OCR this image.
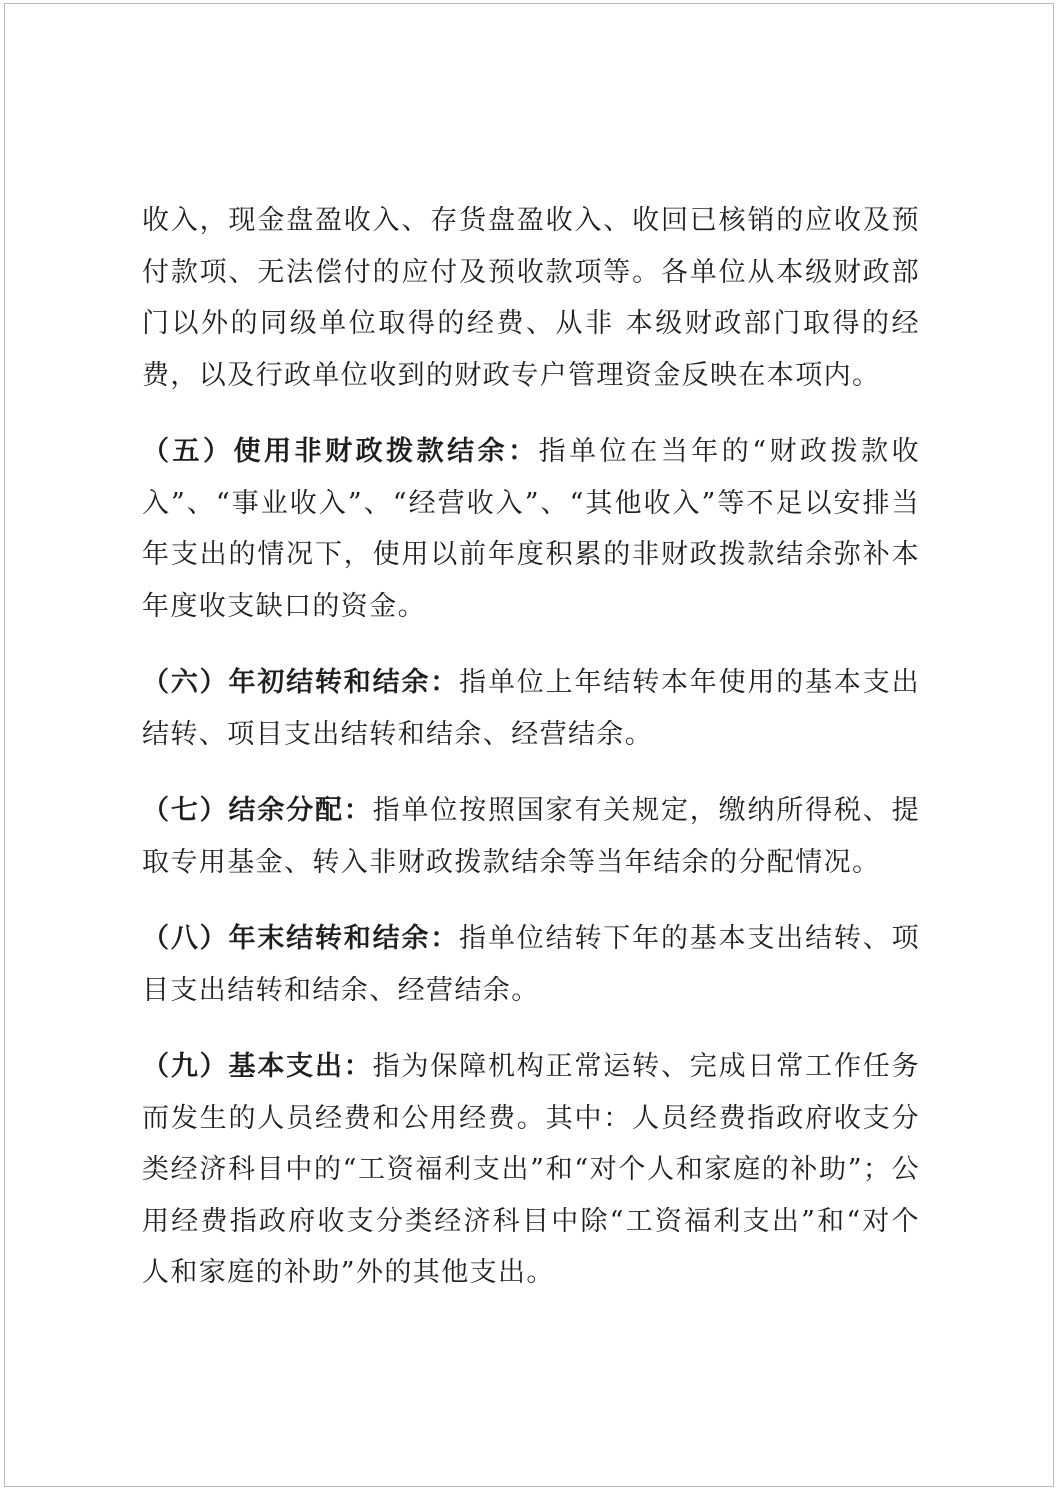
收入，现金盘盈收入、存货盘盈收入、收回已核销的应收及预付款项、无法偿付的应付及预收款项等。各单位从本级财政部门以外的同级单位取得的经费、从非 本级财政部门取得的经费，以及行政单位收到的财政专户管理资金反映在本项内。

（五）使用非财政拨款结余：指单位在当年的“财政拨款收入”、“事业收入”、“经营收入”、“其他收入”等不足以安排当年支出的情况下，使用以前年度积累的非财政拨款结余弥补本年度收支缺口的资金。

（六）年初结转和结余：指单位上年结转本年使用的基本支出结转、项目支出结转和结余、经营结余。

（七）结余分配：指单位按照国家有关规定，缴纳所得税、提取专用基金、转入非财政拨款结余等当年结余的分配情况。

（八）年末结转和结余：指单位结转下年的基本支出结转、项目支出结转和结余、经营结余。

（九）基本支出：指为保障机构正常运转、完成日常工作任务而发生的人员经费和公用经费。其中：人员经费指政府收支分类经济科目中的“工资福利支出”和“对个人和家庭的补助”；公用经费指政府收支分类经济科目中除“工资福利支出”和“对个人和家庭的补助”外的其他支出。
